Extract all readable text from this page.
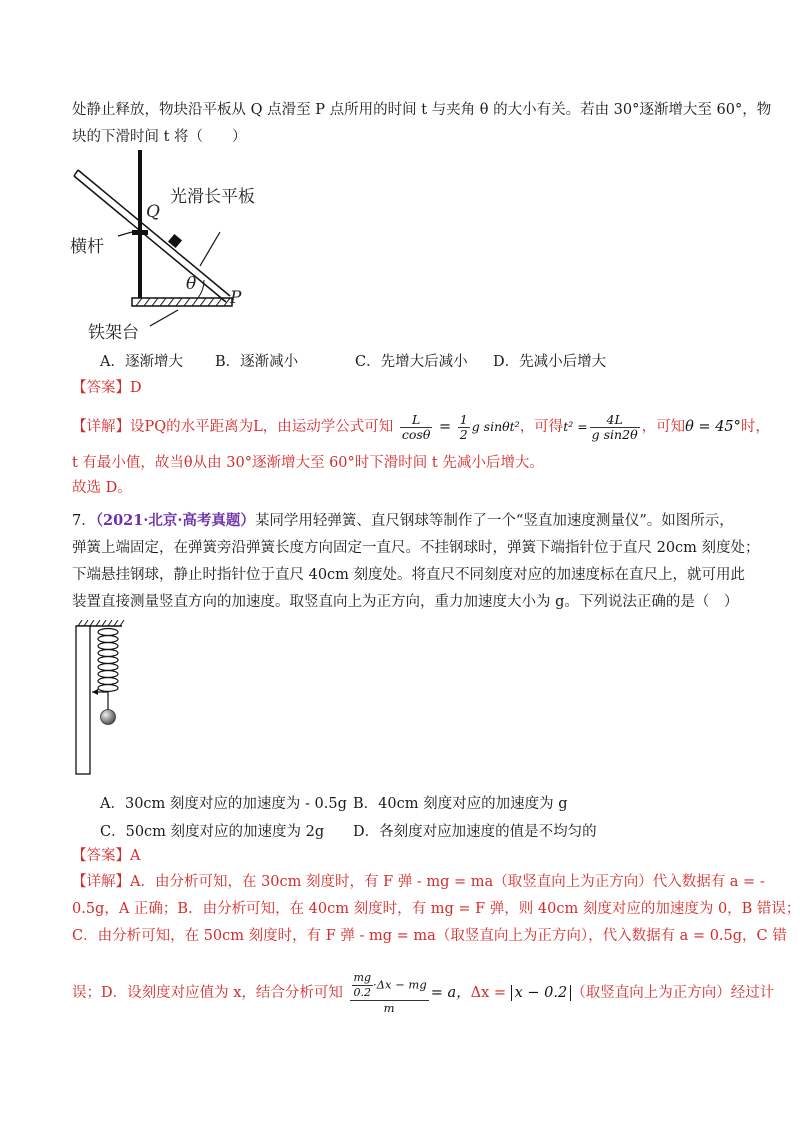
处静止释放，物块沿平板从 Q 点滑至 P 点所用的时间 t 与夹角 θ 的大小有关。若由 30°逐渐增大至 60°，物
块的下滑时间 t 将（　　）
光滑长平板
Q
横杆
θ
P
铁架台
A．逐渐增大 B．逐渐减小	C．先增大后减小 D．先减小后增大
【答案】D
【详解】设PQ的水平距离为L，由运动学公式可知 $\frac{L}{\cos\theta} = \frac{1}{2}$ g sinθt²，可得$t^2 = \frac{4L}{\text{g sin2θ}}$ ，可知θ = 45°时，
t 有最小值，故当θ从由 30°逐渐增大至 60°时下滑时间 t 先减小后增大。
故选 D。
7．（2021·北京·高考真题）某同学用轻弹簧、直尺钢球等制作了一个“竖直加速度测量仪”。如图所示，
弹簧上端固定，在弹簧旁沿弹簧长度方向固定一直尺。不挂钢球时，弹簧下端指针位于直尺 20cm 刻度处；
下端悬挂钢球，静止时指针位于直尺 40cm 刻度处。将直尺不同刻度对应的加速度标在直尺上，就可用此
装置直接测量竖直方向的加速度。取竖直向上为正方向，重力加速度大小为 g。下列说法正确的是（　）
A．30cm 刻度对应的加速度为 - 0.5g B．40cm 刻度对应的加速度为 g
C．50cm 刻度对应的加速度为 2g D．各刻度对应加速度的值是不均匀的
【答案】A
【详解】A．由分析可知，在 30cm 刻度时，有 F 弹 - mg = ma（取竖直向上为正方向）代入数据有 a = -
0.5g，A 正确；B．由分析可知，在 40cm 刻度时，有 mg = F 弹，则 40cm 刻度对应的加速度为 0，B 错误；
C．由分析可知，在 50cm 刻度时，有 F 弹 - mg = ma（取竖直向上为正方向），代入数据有 a = 0.5g，C 错
误；D．设刻度对应值为 x，结合分析可知 $\frac{\frac{mg}{0.2} \cdot\Delta x - mg}{m} = a$，Δx = x − 0.2 （取竖直向上为正方向）经过计
